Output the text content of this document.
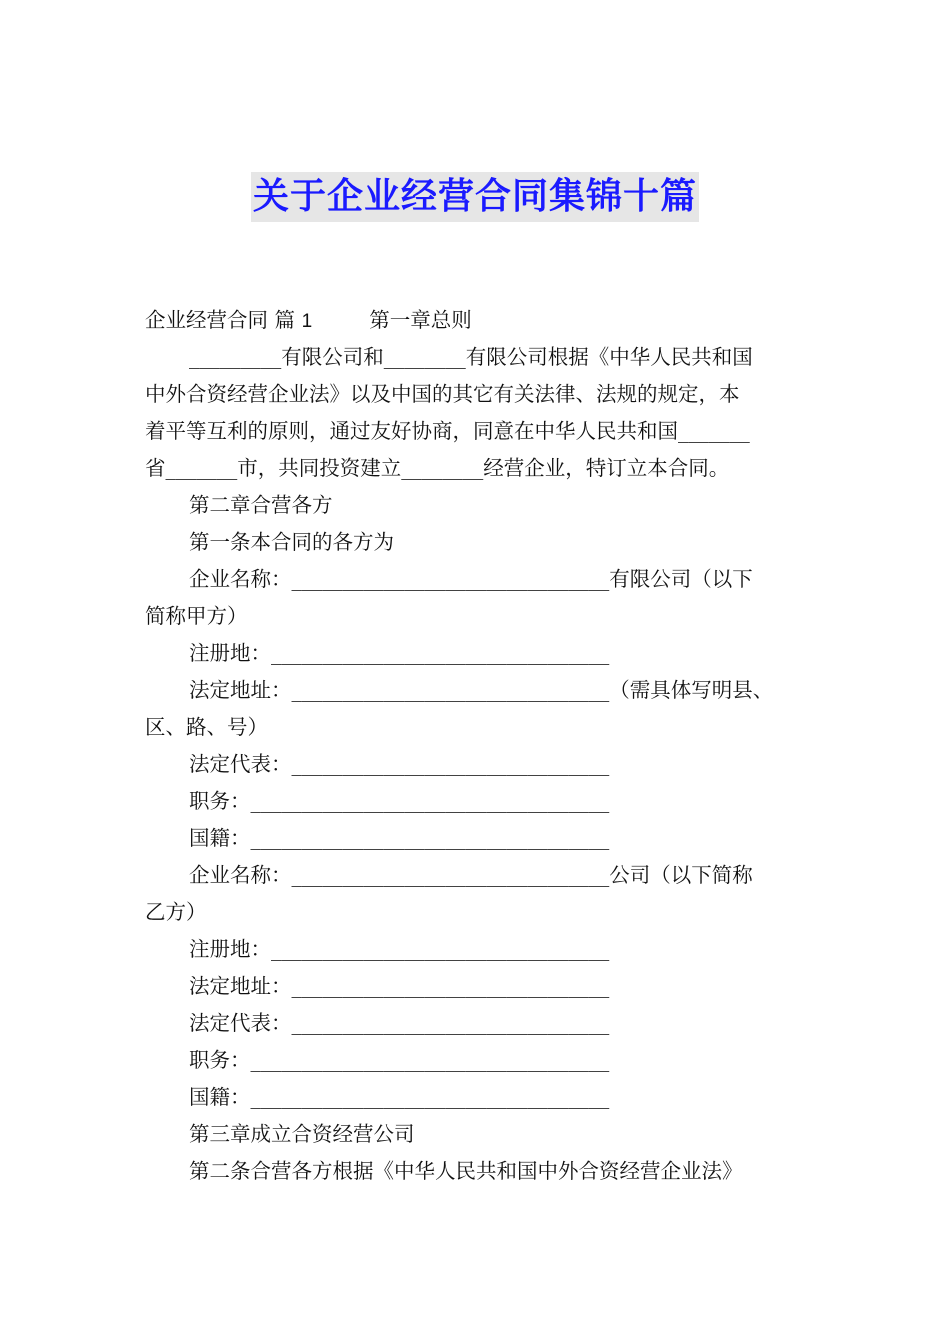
关于企业经营合同集锦十篇
企业经营合同 篇 1	第一章总则
_________有限公司和________有限公司根据《中华人民共和国
中外合资经营企业法》以及中国的其它有关法律、法规的规定，本
着平等互利的原则，通过友好协商，同意在中华人民共和国_______
省_______市，共同投资建立________经营企业，特订立本合同。
第二章合营各方
第一条本合同的各方为
企业名称：_______________________________有限公司（以下
简称甲方）
注册地：_________________________________
法定地址：_______________________________（需具体写明县、
区、路、号）
法定代表：_______________________________
职务：___________________________________
国籍：___________________________________
企业名称：_______________________________公司（以下简称
乙方）
注册地：_________________________________
法定地址：_______________________________
法定代表：_______________________________
职务：___________________________________
国籍：___________________________________
第三章成立合资经营公司
第二条合营各方根据《中华人民共和国中外合资经营企业法》
